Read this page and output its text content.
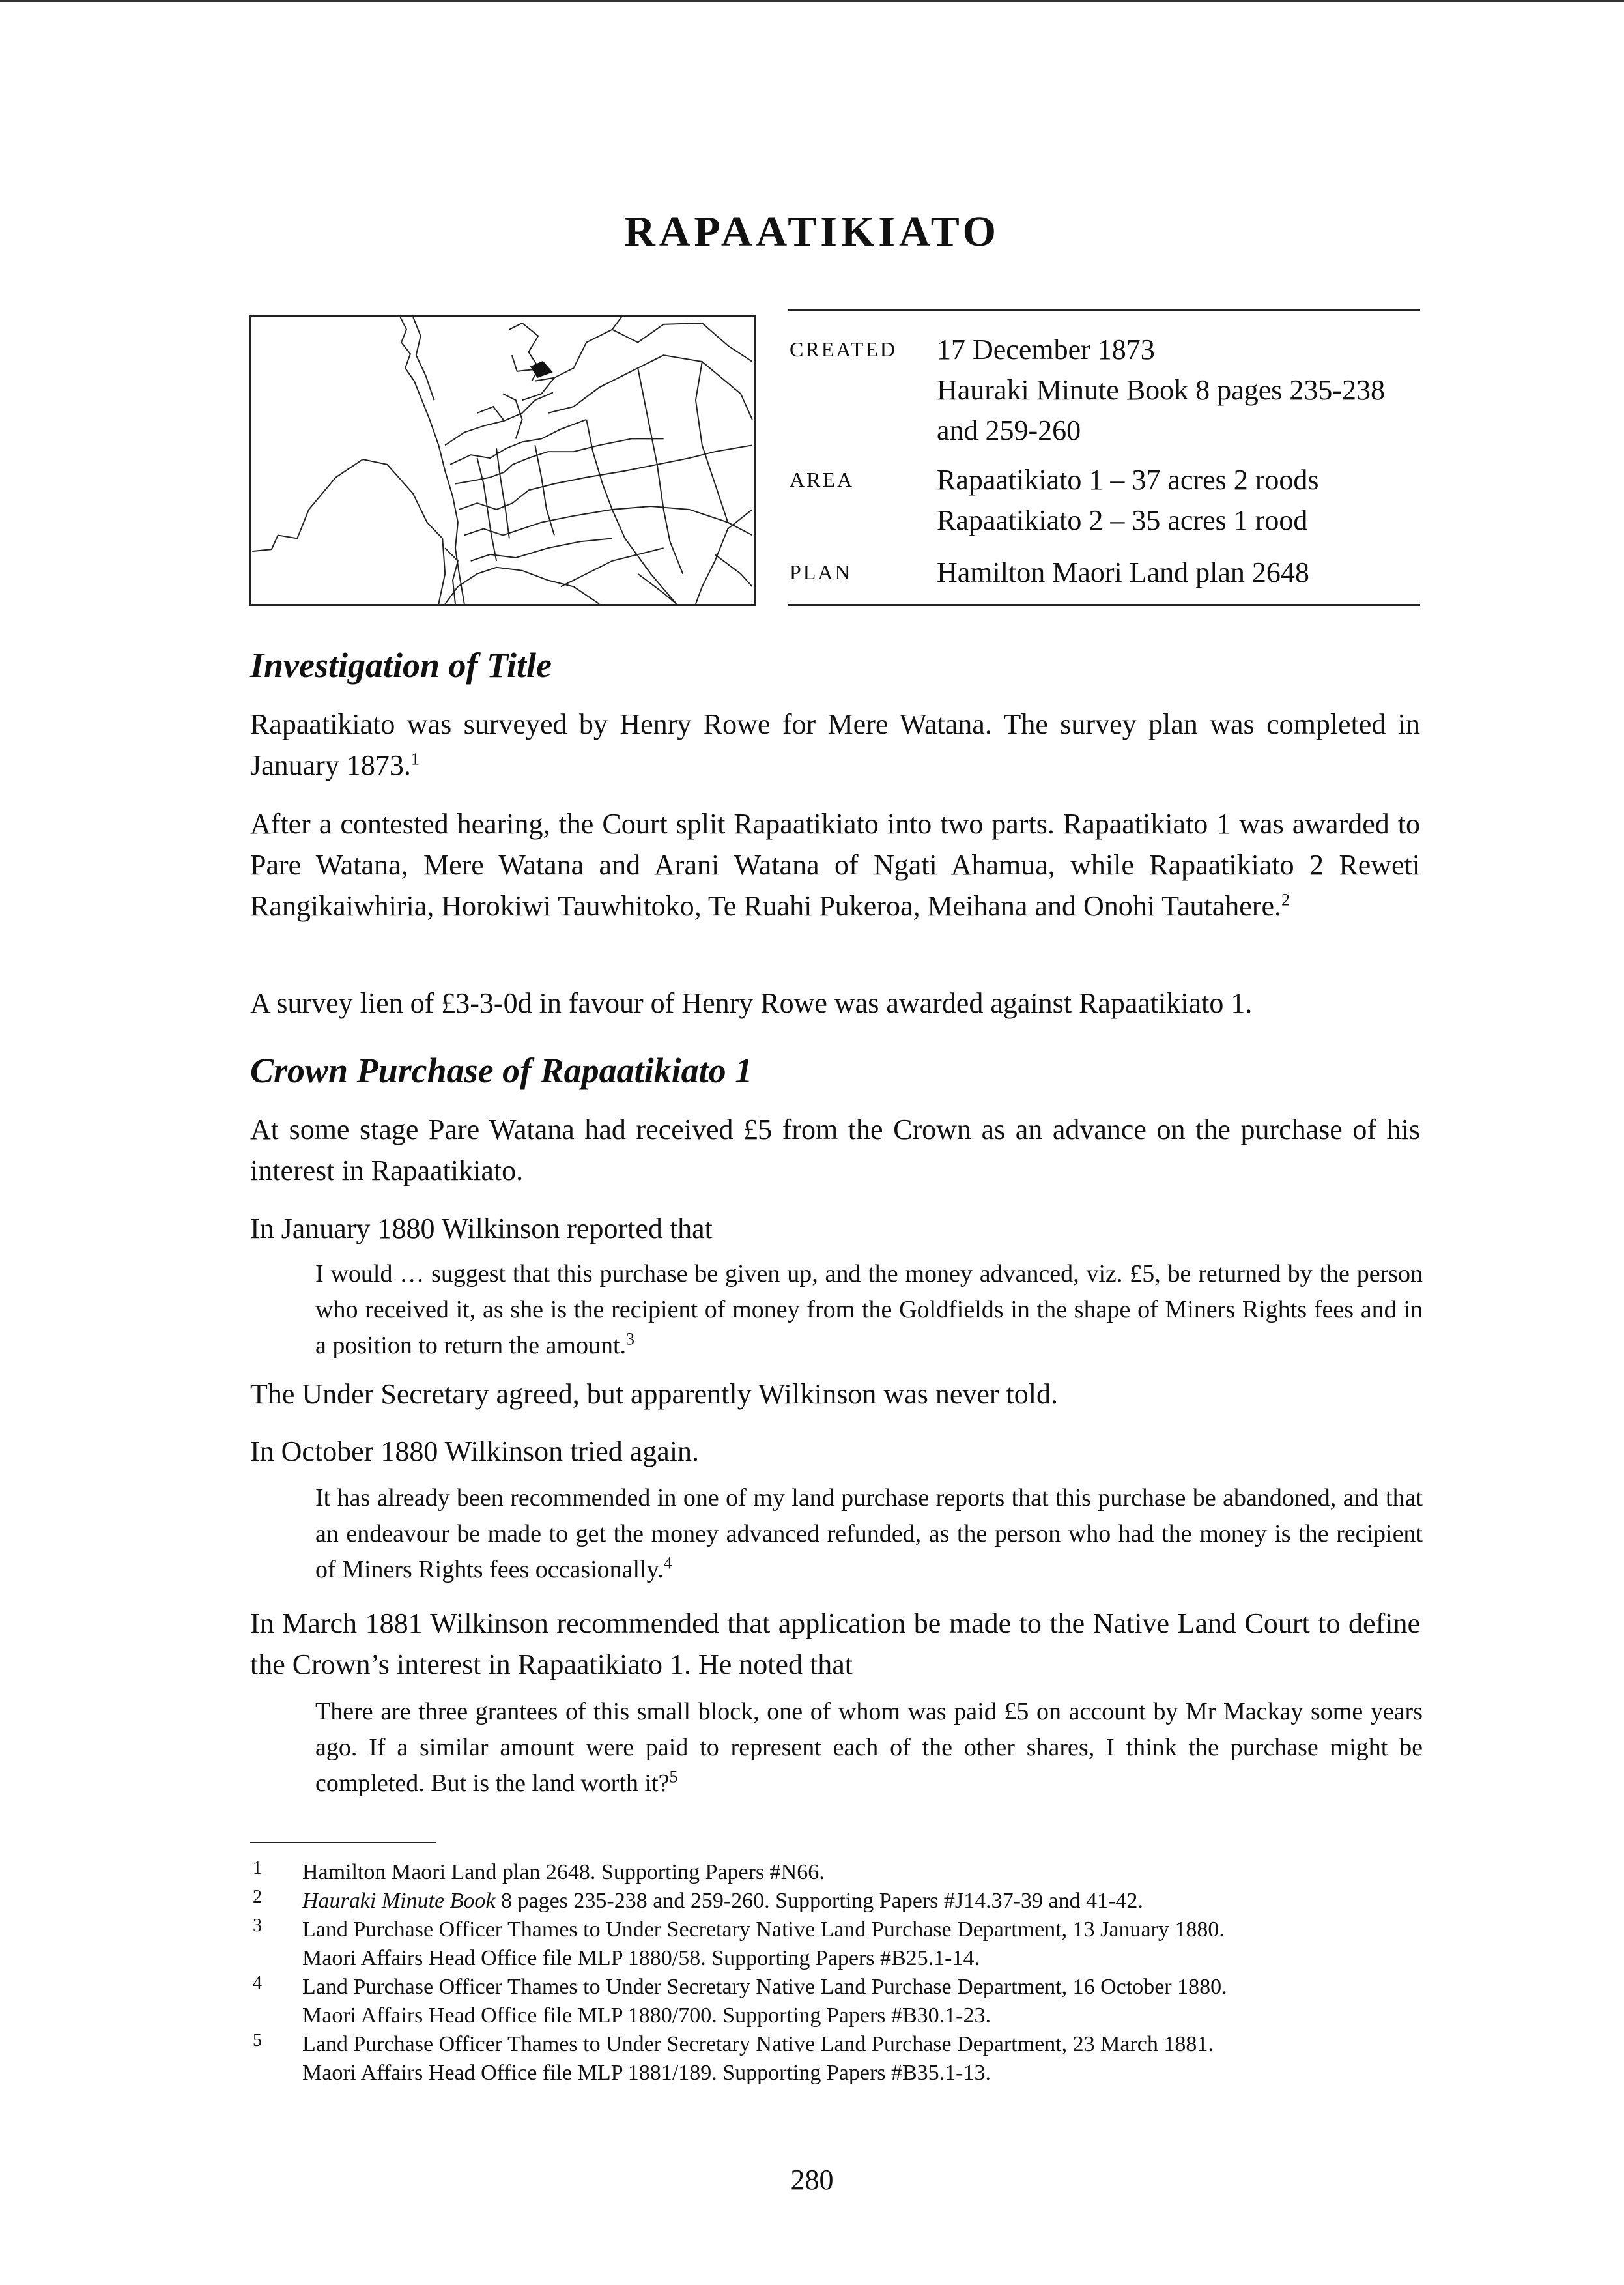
RAPAATIKIATO
CREATED 17 December 1873
Hauraki Minute Book 8 pages 235-238
and 259-260
AREA	Rapaatikiato 1 – 37 acres 2 roods
Rapaatikiato 2 – 35 acres 1 rood
PLAN	Hamilton Maori Land plan 2648
Investigation of Title
Rapaatikiato was surveyed by Henry Rowe for Mere Watana. The survey plan was completed in January 1873.$^1$
After a contested hearing, the Court split Rapaatikiato into two parts. Rapaatikiato 1 was awarded to Pare Watana, Mere Watana and Arani Watana of Ngati Ahamua, while Rapaatikiato 2 Reweti Rangikaiwhiria, Horokiwi Tauwhitoko, Te Ruahi Pukeroa, Meihana and Onohi Tautahere.$^2$
A survey lien of £3-3-0d in favour of Henry Rowe was awarded against Rapaatikiato 1.
Crown Purchase of Rapaatikiato 1
At some stage Pare Watana had received £5 from the Crown as an advance on the purchase of his interest in Rapaatikiato.
In January 1880 Wilkinson reported that
I would … suggest that this purchase be given up, and the money advanced, viz. £5, be returned by the person who received it, as she is the recipient of money from the Goldfields in the shape of Miners Rights fees and in a position to return the amount.$^3$
The Under Secretary agreed, but apparently Wilkinson was never told.
In October 1880 Wilkinson tried again.
It has already been recommended in one of my land purchase reports that this purchase be abandoned, and that an endeavour be made to get the money advanced refunded, as the person who had the money is the recipient of Miners Rights fees occasionally.$^4$
In March 1881 Wilkinson recommended that application be made to the Native Land Court to define the Crown’s interest in Rapaatikiato 1. He noted that
There are three grantees of this small block, one of whom was paid £5 on account by Mr Mackay some years ago. If a similar amount were paid to represent each of the other shares, I think the purchase might be completed. But is the land worth it?$^5$
1 Hamilton Maori Land plan 2648. Supporting Papers #N66.
2 Hauraki Minute Book 8 pages 235-238 and 259-260. Supporting Papers #J14.37-39 and 41-42.
3 Land Purchase Officer Thames to Under Secretary Native Land Purchase Department, 13 January 1880.
Maori Affairs Head Office file MLP 1880/58. Supporting Papers #B25.1-14.
4 Land Purchase Officer Thames to Under Secretary Native Land Purchase Department, 16 October 1880.
Maori Affairs Head Office file MLP 1880/700. Supporting Papers #B30.1-23.
5 Land Purchase Officer Thames to Under Secretary Native Land Purchase Department, 23 March 1881.
Maori Affairs Head Office file MLP 1881/189. Supporting Papers #B35.1-13.
280
